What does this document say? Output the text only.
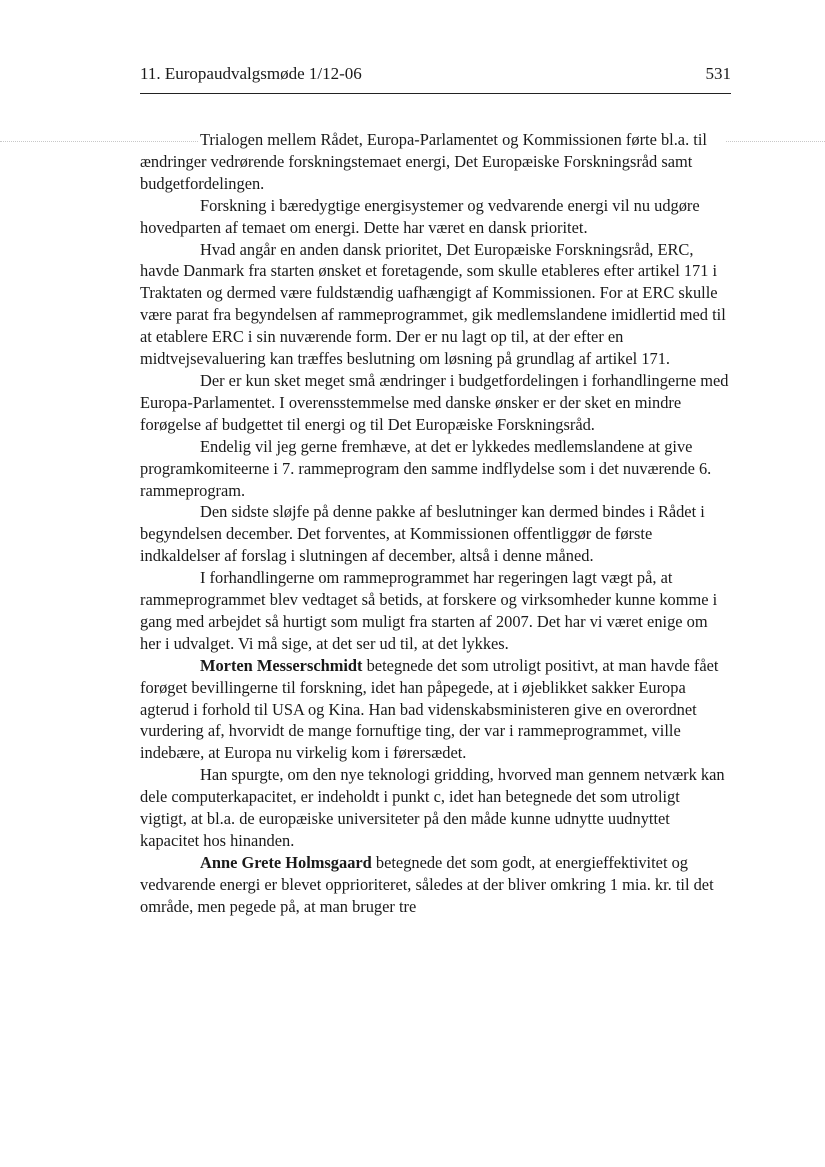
11. Europaudvalgsmøde 1/12-06	531

Trialogen mellem Rådet, Europa-Parlamentet og Kommissionen førte bl.a. til ændringer vedrørende forskningstemaet energi, Det Europæiske Forskningsråd samt budgetfordelingen.

Forskning i bæredygtige energisystemer og vedvarende energi vil nu udgøre hovedparten af temaet om energi. Dette har været en dansk prioritet.

Hvad angår en anden dansk prioritet, Det Europæiske Forskningsråd, ERC, havde Danmark fra starten ønsket et foretagende, som skulle etableres efter artikel 171 i Traktaten og dermed være fuldstændig uafhængigt af Kommissionen. For at ERC skulle være parat fra begyndelsen af rammeprogrammet, gik medlemslandene imidlertid med til at etablere ERC i sin nuværende form. Der er nu lagt op til, at der efter en midtvejsevaluering kan træffes beslutning om løsning på grundlag af artikel 171.

Der er kun sket meget små ændringer i budgetfordelingen i forhandlingerne med Europa-Parlamentet. I overensstemmelse med danske ønsker er der sket en mindre forøgelse af budgettet til energi og til Det Europæiske Forskningsråd.

Endelig vil jeg gerne fremhæve, at det er lykkedes medlemslandene at give programkomiteerne i 7. rammeprogram den samme indflydelse som i det nuværende 6. rammeprogram.

Den sidste sløjfe på denne pakke af beslutninger kan dermed bindes i Rådet i begyndelsen december. Det forventes, at Kommissionen offentliggør de første indkaldelser af forslag i slutningen af december, altså i denne måned.

I forhandlingerne om rammeprogrammet har regeringen lagt vægt på, at rammeprogrammet blev vedtaget så betids, at forskere og virksomheder kunne komme i gang med arbejdet så hurtigt som muligt fra starten af 2007. Det har vi været enige om her i udvalget. Vi må sige, at det ser ud til, at det lykkes.

Morten Messerschmidt betegnede det som utroligt positivt, at man havde fået forøget bevillingerne til forskning, idet han påpegede, at i øjeblikket sakker Europa agterud i forhold til USA og Kina. Han bad videnskabsministeren give en overordnet vurdering af, hvorvidt de mange fornuftige ting, der var i rammeprogrammet, ville indebære, at Europa nu virkelig kom i førersædet.

Han spurgte, om den nye teknologi gridding, hvorved man gennem netværk kan dele computerkapacitet, er indeholdt i punkt c, idet han betegnede det som utroligt vigtigt, at bl.a. de europæiske universiteter på den måde kunne udnytte uudnyttet kapacitet hos hinanden.

Anne Grete Holmsgaard betegnede det som godt, at energieffektivitet og vedvarende energi er blevet opprioriteret, således at der bliver omkring 1 mia. kr. til det område, men pegede på, at man bruger tre
